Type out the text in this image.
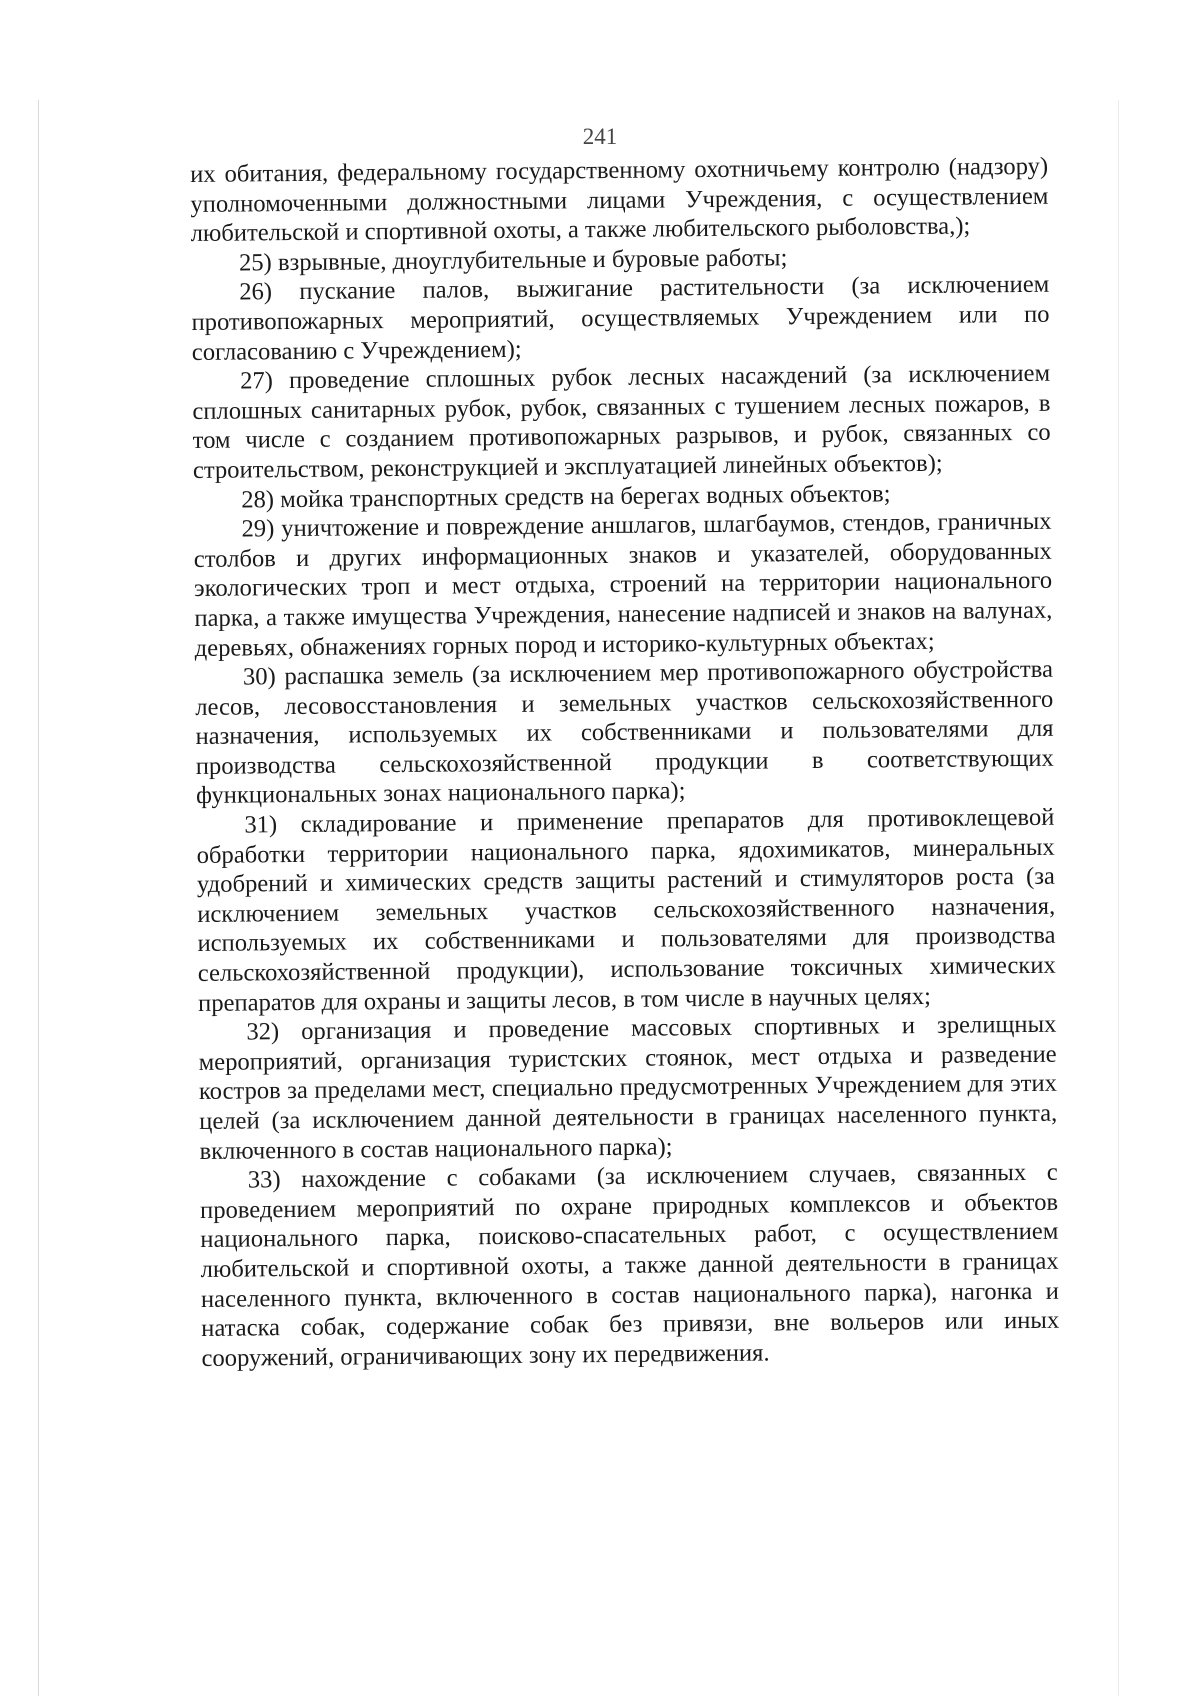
241

их обитания, федеральному государственному охотничьему контролю (надзору) уполномоченными должностными лицами Учреждения, с осуществлением любительской и спортивной охоты, а также любительского рыболовства,);

25) взрывные, дноуглубительные и буровые работы;

26) пускание палов, выжигание растительности (за исключением противопожарных мероприятий, осуществляемых Учреждением или по согласованию с Учреждением);

27) проведение сплошных рубок лесных насаждений (за исключением сплошных санитарных рубок, рубок, связанных с тушением лесных пожаров, в том числе с созданием противопожарных разрывов, и рубок, связанных со строительством, реконструкцией и эксплуатацией линейных объектов);

28) мойка транспортных средств на берегах водных объектов;

29) уничтожение и повреждение аншлагов, шлагбаумов, стендов, граничных столбов и других информационных знаков и указателей, оборудованных экологических троп и мест отдыха, строений на территории национального парка, а также имущества Учреждения, нанесение надписей и знаков на валунах, деревьях, обнажениях горных пород и историко-культурных объектах;

30) распашка земель (за исключением мер противопожарного обустройства лесов, лесовосстановления и земельных участков сельскохозяйственного назначения, используемых их собственниками и пользователями для производства сельскохозяйственной продукции в соответствующих функциональных зонах национального парка);

31) складирование и применение препаратов для противоклещевой обработки территории национального парка, ядохимикатов, минеральных удобрений и химических средств защиты растений и стимуляторов роста (за исключением земельных участков сельскохозяйственного назначения, используемых их собственниками и пользователями для производства сельскохозяйственной продукции), использование токсичных химических препаратов для охраны и защиты лесов, в том числе в научных целях;

32) организация и проведение массовых спортивных и зрелищных мероприятий, организация туристских стоянок, мест отдыха и разведение костров за пределами мест, специально предусмотренных Учреждением для этих целей (за исключением данной деятельности в границах населенного пункта, включенного в состав национального парка);

33) нахождение с собаками (за исключением случаев, связанных с проведением мероприятий по охране природных комплексов и объектов национального парка, поисково-спасательных работ, с осуществлением любительской и спортивной охоты, а также данной деятельности в границах населенного пункта, включенного в состав национального парка), нагонка и натаска собак, содержание собак без привязи, вне вольеров или иных сооружений, ограничивающих зону их передвижения.
